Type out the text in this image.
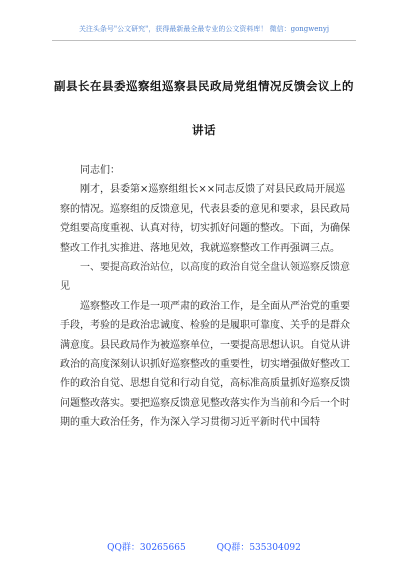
关注头条号"公文研究"，获得最新最全最专业的公文资料库！ 微信：gongwenyj
副县长在县委巡察组巡察县民政局党组情况反馈会议上的
讲话

同志们：

刚才，县委第×巡察组组长××同志反馈了对县民政局开展巡察的情况。巡察组的反馈意见，代表县委的意见和要求，县民政局党组要高度重视、认真对待，切实抓好问题的整改。下面，为确保整改工作扎实推进、落地见效，我就巡察整改工作再强调三点。

一、要提高政治站位，以高度的政治自觉全盘认领巡察反馈意见

巡察整改工作是一项严肃的政治工作，是全面从严治党的重要手段，考验的是政治忠诚度、检验的是履职可靠度、关乎的是群众满意度。县民政局作为被巡察单位，一要提高思想认识。自觉从讲政治的高度深刻认识抓好巡察整改的重要性，切实增强做好整改工作的政治自觉、思想自觉和行动自觉，高标准高质量抓好巡察反馈问题整改落实。要把巡察反馈意见整改落实作为当前和今后一个时期的重大政治任务，作为深入学习贯彻习近平新时代中国特

QQ群：30265665	QQ群：535304092
